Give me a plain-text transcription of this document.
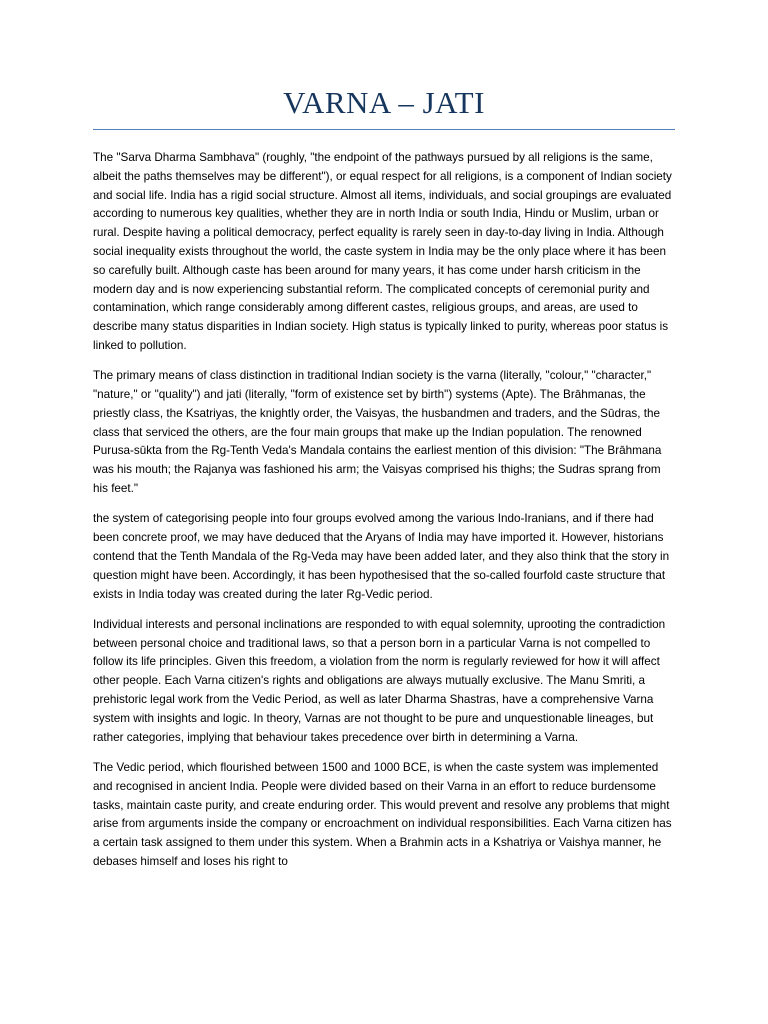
VARNA – JATI

The "Sarva Dharma Sambhava" (roughly, "the endpoint of the pathways pursued by all religions is the same, albeit the paths themselves may be different"), or equal respect for all religions, is a component of Indian society and social life. India has a rigid social structure. Almost all items, individuals, and social groupings are evaluated according to numerous key qualities, whether they are in north India or south India, Hindu or Muslim, urban or rural. Despite having a political democracy, perfect equality is rarely seen in day-to-day living in India. Although social inequality exists throughout the world, the caste system in India may be the only place where it has been so carefully built. Although caste has been around for many years, it has come under harsh criticism in the modern day and is now experiencing substantial reform. The complicated concepts of ceremonial purity and contamination, which range considerably among different castes, religious groups, and areas, are used to describe many status disparities in Indian society. High status is typically linked to purity, whereas poor status is linked to pollution.

The primary means of class distinction in traditional Indian society is the varna (literally, "colour," "character," "nature," or "quality") and jati (literally, "form of existence set by birth") systems (Apte). The Brāhmanas, the priestly class, the Ksatriyas, the knightly order, the Vaisyas, the husbandmen and traders, and the Sūdras, the class that serviced the others, are the four main groups that make up the Indian population. The renowned Purusa-sūkta from the Rg-Tenth Veda's Mandala contains the earliest mention of this division: "The Brāhmana was his mouth; the Rajanya was fashioned his arm; the Vaisyas comprised his thighs; the Sudras sprang from his feet."

the system of categorising people into four groups evolved among the various Indo-Iranians, and if there had been concrete proof, we may have deduced that the Aryans of India may have imported it. However, historians contend that the Tenth Mandala of the Rg-Veda may have been added later, and they also think that the story in question might have been. Accordingly, it has been hypothesised that the so-called fourfold caste structure that exists in India today was created during the later Rg-Vedic period.

Individual interests and personal inclinations are responded to with equal solemnity, uprooting the contradiction between personal choice and traditional laws, so that a person born in a particular Varna is not compelled to follow its life principles. Given this freedom, a violation from the norm is regularly reviewed for how it will affect other people. Each Varna citizen's rights and obligations are always mutually exclusive. The Manu Smriti, a prehistoric legal work from the Vedic Period, as well as later Dharma Shastras, have a comprehensive Varna system with insights and logic. In theory, Varnas are not thought to be pure and unquestionable lineages, but rather categories, implying that behaviour takes precedence over birth in determining a Varna.

The Vedic period, which flourished between 1500 and 1000 BCE, is when the caste system was implemented and recognised in ancient India. People were divided based on their Varna in an effort to reduce burdensome tasks, maintain caste purity, and create enduring order. This would prevent and resolve any problems that might arise from arguments inside the company or encroachment on individual responsibilities. Each Varna citizen has a certain task assigned to them under this system. When a Brahmin acts in a Kshatriya or Vaishya manner, he debases himself and loses his right to
